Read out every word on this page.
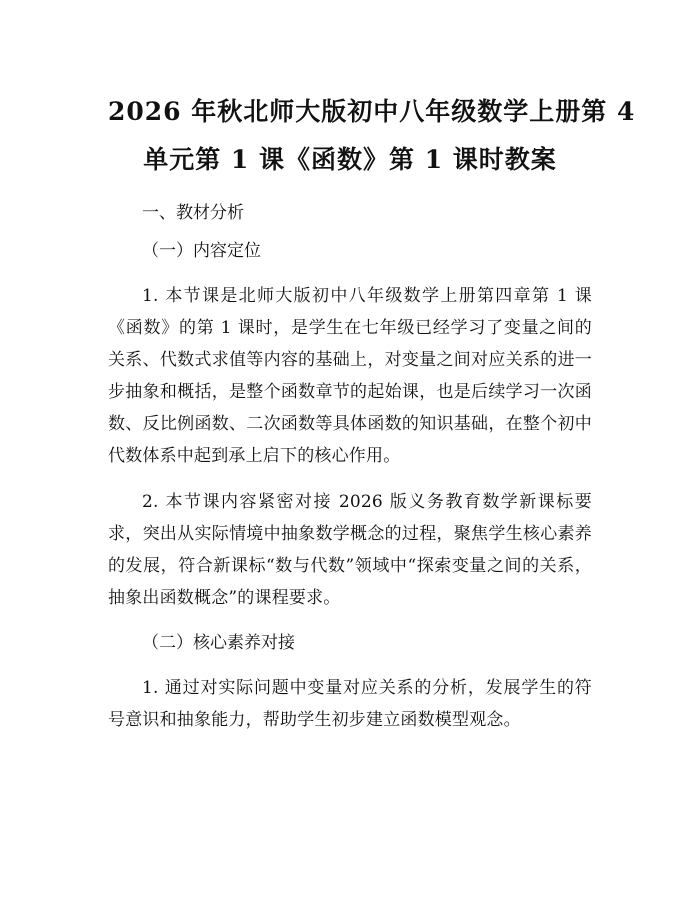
2026 年秋北师大版初中八年级数学上册第 4
单元第 1 课《函数》第 1 课时教案

一、教材分析

（一）内容定位

1. 本节课是北师大版初中八年级数学上册第四章第 1 课《函数》的第 1 课时，是学生在七年级已经学习了变量之间的关系、代数式求值等内容的基础上，对变量之间对应关系的进一步抽象和概括，是整个函数章节的起始课，也是后续学习一次函数、反比例函数、二次函数等具体函数的知识基础，在整个初中代数体系中起到承上启下的核心作用。

2. 本节课内容紧密对接 2026 版义务教育数学新课标要求，突出从实际情境中抽象数学概念的过程，聚焦学生核心素养的发展，符合新课标“数与代数”领域中“探索变量之间的关系，抽象出函数概念”的课程要求。

（二）核心素养对接

1. 通过对实际问题中变量对应关系的分析，发展学生的符号意识和抽象能力，帮助学生初步建立函数模型观念。
